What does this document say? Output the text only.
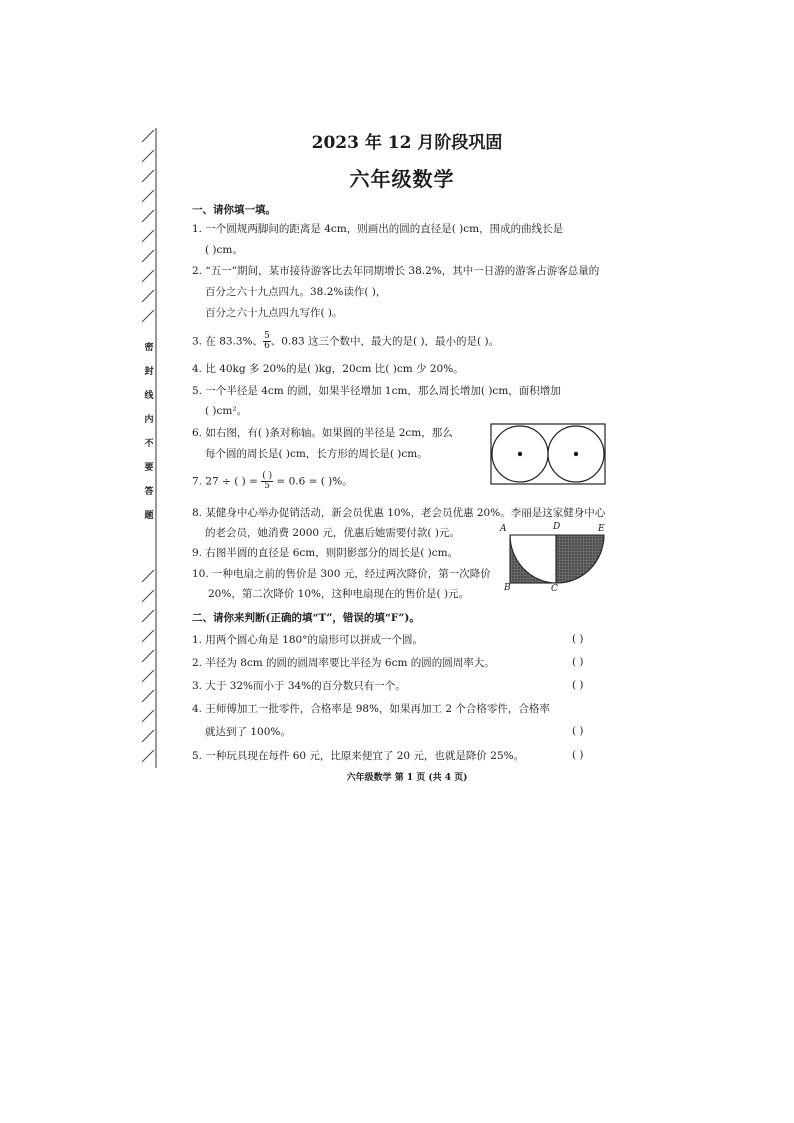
密封线内不要答题
2023 年 12 月阶段巩固
六年级数学
一、请你填一填。
1. 一个圆规两脚间的距离是 4cm，则画出的圆的直径是( )cm，围成的曲线长是
( )cm。
2. “五一”期间，某市接待游客比去年同期增长 38.2%，其中一日游的游客占游客总量的
百分之六十九点四九。38.2%读作( )，
百分之六十九点四九写作( )。
3. 在 83.3%、 $\frac{5}{6}$、0.83 这三个数中，最大的是( )，最小的是( )。
4. 比 40kg 多 20%的是( )kg，20cm 比( )cm 少 20%。
5. 一个半径是 4cm 的圆，如果半径增加 1cm，那么周长增加( )cm，面积增加
( )cm²。
6. 如右图，有( )条对称轴。如果圆的半径是 2cm，那么
每个圆的周长是( )cm，长方形的周长是( )cm。
7. 27 ÷ ( ) = $\frac{( )}{5} = 0.6$ = ( )%。
8. 某健身中心举办促销活动，新会员优惠 10%，老会员优惠 20%。李丽是这家健身中心
的老会员，她消费 2000 元，优惠后她需要付款( )元。
9. 右图半圆的直径是 6cm，则阴影部分的周长是( )cm。
10. 一种电扇之前的售价是 300 元，经过两次降价，第一次降价
20%，第二次降价 10%，这种电扇现在的售价是( )元。
A	D	E
B	C
二、请你来判断(正确的填“T”，错误的填“F”)。
1. 用两个圆心角是 180°的扇形可以拼成一个圆。	( )
2. 半径为 8cm 的圆的圆周率要比半径为 6cm 的圆的圆周率大。	( )
3. 大于 32%而小于 34%的百分数只有一个。	( )
4. 王师傅加工一批零件，合格率是 98%，如果再加工 2 个合格零件，合格率
就达到了 100%。	( )
5. 一种玩具现在每件 60 元，比原来便宜了 20 元，也就是降价 25%。	( )
六年级数学 第 1 页 (共 4 页)
